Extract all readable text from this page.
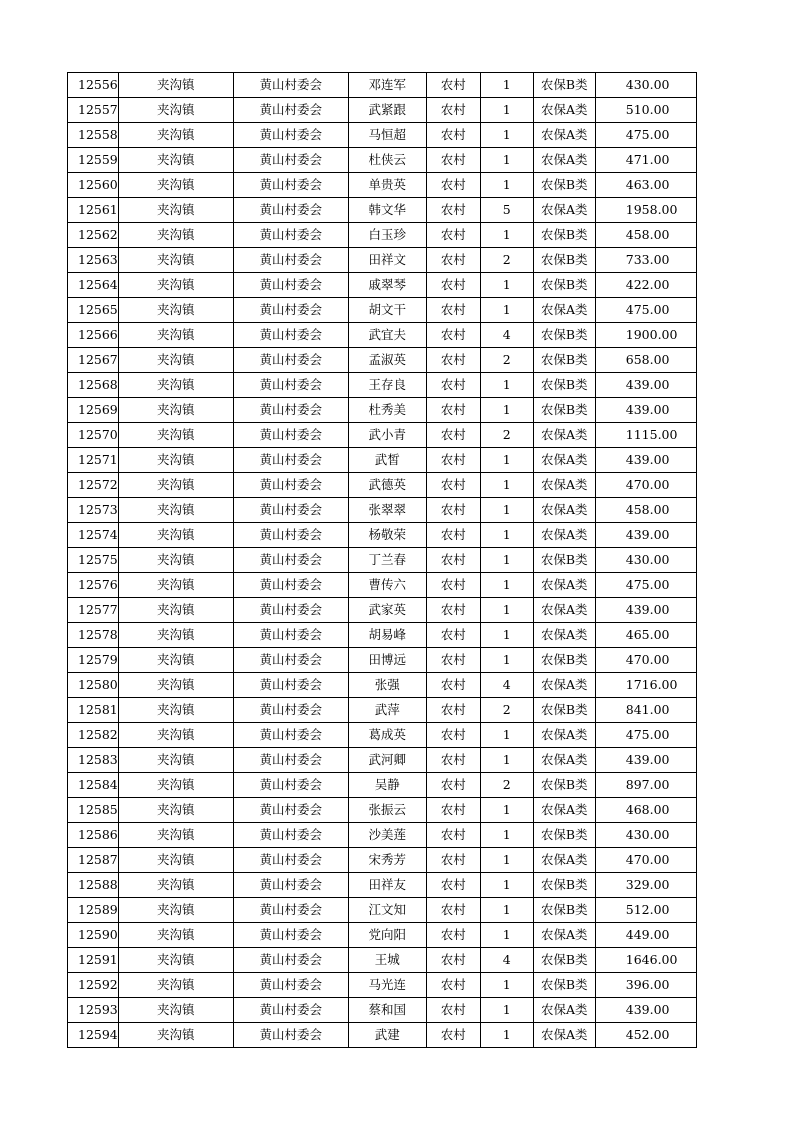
12556	夹沟镇	黄山村委会	邓连军	农村	1	农保B类	430.00
12557	夹沟镇	黄山村委会	武紧跟	农村	1	农保A类	510.00
12558	夹沟镇	黄山村委会	马恒超	农村	1	农保A类	475.00
12559	夹沟镇	黄山村委会	杜侠云	农村	1	农保A类	471.00
12560	夹沟镇	黄山村委会	单贵英	农村	1	农保B类	463.00
12561	夹沟镇	黄山村委会	韩文华	农村	5	农保A类	1958.00
12562	夹沟镇	黄山村委会	白玉珍	农村	1	农保B类	458.00
12563	夹沟镇	黄山村委会	田祥文	农村	2	农保B类	733.00
12564	夹沟镇	黄山村委会	戚翠琴	农村	1	农保B类	422.00
12565	夹沟镇	黄山村委会	胡文干	农村	1	农保A类	475.00
12566	夹沟镇	黄山村委会	武宜夫	农村	4	农保B类	1900.00
12567	夹沟镇	黄山村委会	孟淑英	农村	2	农保B类	658.00
12568	夹沟镇	黄山村委会	王存良	农村	1	农保B类	439.00
12569	夹沟镇	黄山村委会	杜秀美	农村	1	农保B类	439.00
12570	夹沟镇	黄山村委会	武小青	农村	2	农保A类	1115.00
12571	夹沟镇	黄山村委会	武皙	农村	1	农保A类	439.00
12572	夹沟镇	黄山村委会	武德英	农村	1	农保A类	470.00
12573	夹沟镇	黄山村委会	张翠翠	农村	1	农保A类	458.00
12574	夹沟镇	黄山村委会	杨敬荣	农村	1	农保A类	439.00
12575	夹沟镇	黄山村委会	丁兰春	农村	1	农保B类	430.00
12576	夹沟镇	黄山村委会	曹传六	农村	1	农保A类	475.00
12577	夹沟镇	黄山村委会	武家英	农村	1	农保A类	439.00
12578	夹沟镇	黄山村委会	胡易峰	农村	1	农保A类	465.00
12579	夹沟镇	黄山村委会	田博远	农村	1	农保B类	470.00
12580	夹沟镇	黄山村委会	张强	农村	4	农保A类	1716.00
12581	夹沟镇	黄山村委会	武萍	农村	2	农保B类	841.00
12582	夹沟镇	黄山村委会	葛成英	农村	1	农保A类	475.00
12583	夹沟镇	黄山村委会	武河卿	农村	1	农保A类	439.00
12584	夹沟镇	黄山村委会	吴静	农村	2	农保B类	897.00
12585	夹沟镇	黄山村委会	张振云	农村	1	农保A类	468.00
12586	夹沟镇	黄山村委会	沙美莲	农村	1	农保B类	430.00
12587	夹沟镇	黄山村委会	宋秀芳	农村	1	农保A类	470.00
12588	夹沟镇	黄山村委会	田祥友	农村	1	农保B类	329.00
12589	夹沟镇	黄山村委会	江文知	农村	1	农保B类	512.00
12590	夹沟镇	黄山村委会	党向阳	农村	1	农保A类	449.00
12591	夹沟镇	黄山村委会	王城	农村	4	农保B类	1646.00
12592	夹沟镇	黄山村委会	马光连	农村	1	农保B类	396.00
12593	夹沟镇	黄山村委会	蔡和国	农村	1	农保A类	439.00
12594	夹沟镇	黄山村委会	武建	农村	1	农保A类	452.00
